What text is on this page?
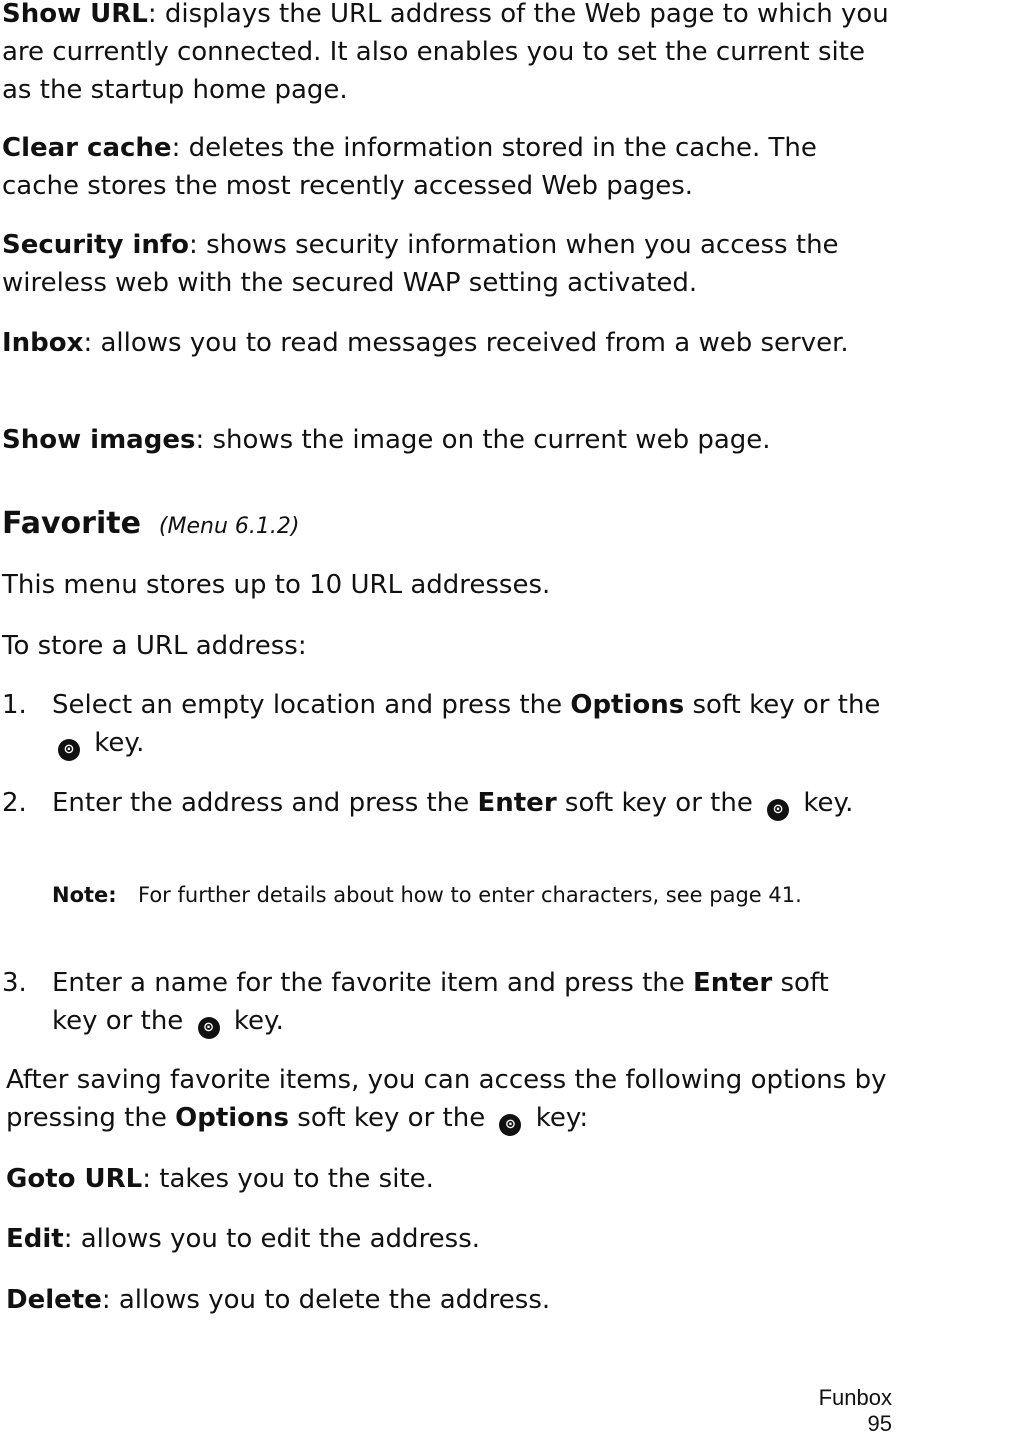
Show URL: displays the URL address of the Web page to which you are currently connected. It also enables you to set the current site as the startup home page.

Clear cache: deletes the information stored in the cache. The cache stores the most recently accessed Web pages.

Security info: shows security information when you access the wireless web with the secured WAP setting activated.

Inbox: allows you to read messages received from a web server.

Show images: shows the image on the current web page.

Favorite (Menu 6.1.2)

This menu stores up to 10 URL addresses.

To store a URL address:

1. Select an empty location and press the Options soft key or the ⊙ key.
2. Enter the address and press the Enter soft key or the ⊙ key.
Note: For further details about how to enter characters, see page 41.
3. Enter a name for the favorite item and press the Enter soft key or the ⊙ key.

After saving favorite items, you can access the following options by pressing the Options soft key or the ⊙ key:

Goto URL: takes you to the site.

Edit: allows you to edit the address.

Delete: allows you to delete the address.

Funbox
95
